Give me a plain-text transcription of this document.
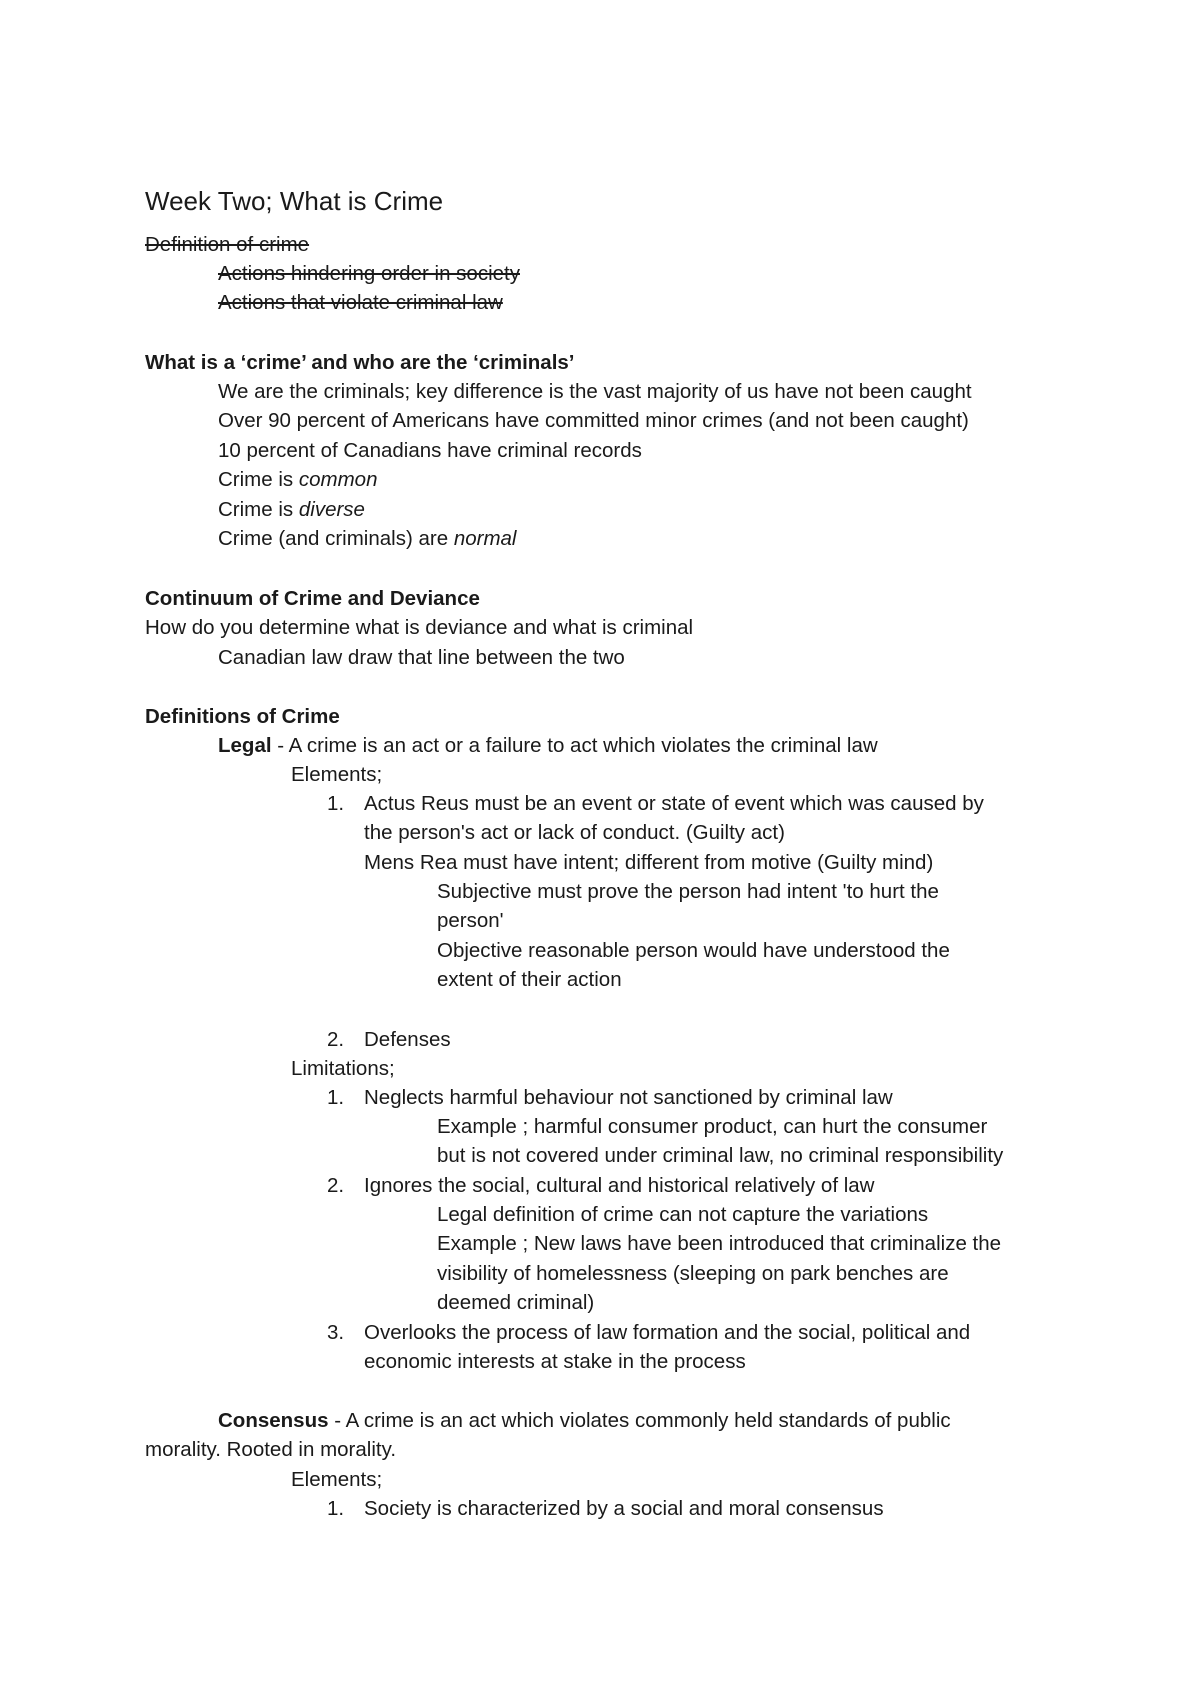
Week Two; What is Crime
Definition of crime
Actions hindering order in society
Actions that violate criminal law
What is a ‘crime’ and who are the ‘criminals’
We are the criminals; key difference is the vast majority of us have not been caught
Over 90 percent of Americans have committed minor crimes (and not been caught)
10 percent of Canadians have criminal records
Crime is common
Crime is diverse
Crime (and criminals) are normal
Continuum of Crime and Deviance
How do you determine what is deviance and what is criminal
Canadian law draw that line between the two
Definitions of Crime
Legal - A crime is an act or a failure to act which violates the criminal law
Elements;
1. Actus Reus must be an event or state of event which was caused by
the person's act or lack of conduct. (Guilty act)
Mens Rea must have intent; different from motive (Guilty mind)
Subjective must prove the person had intent 'to hurt the
person'
Objective reasonable person would have understood the
extent of their action
2. Defenses
Limitations;
1. Neglects harmful behaviour not sanctioned by criminal law
Example ; harmful consumer product, can hurt the consumer
but is not covered under criminal law, no criminal responsibility
2. Ignores the social, cultural and historical relatively of law
Legal definition of crime can not capture the variations
Example ; New laws have been introduced that criminalize the
visibility of homelessness (sleeping on park benches are
deemed criminal)
3. Overlooks the process of law formation and the social, political and
economic interests at stake in the process
Consensus - A crime is an act which violates commonly held standards of public
morality. Rooted in morality.
Elements;
1. Society is characterized by a social and moral consensus
